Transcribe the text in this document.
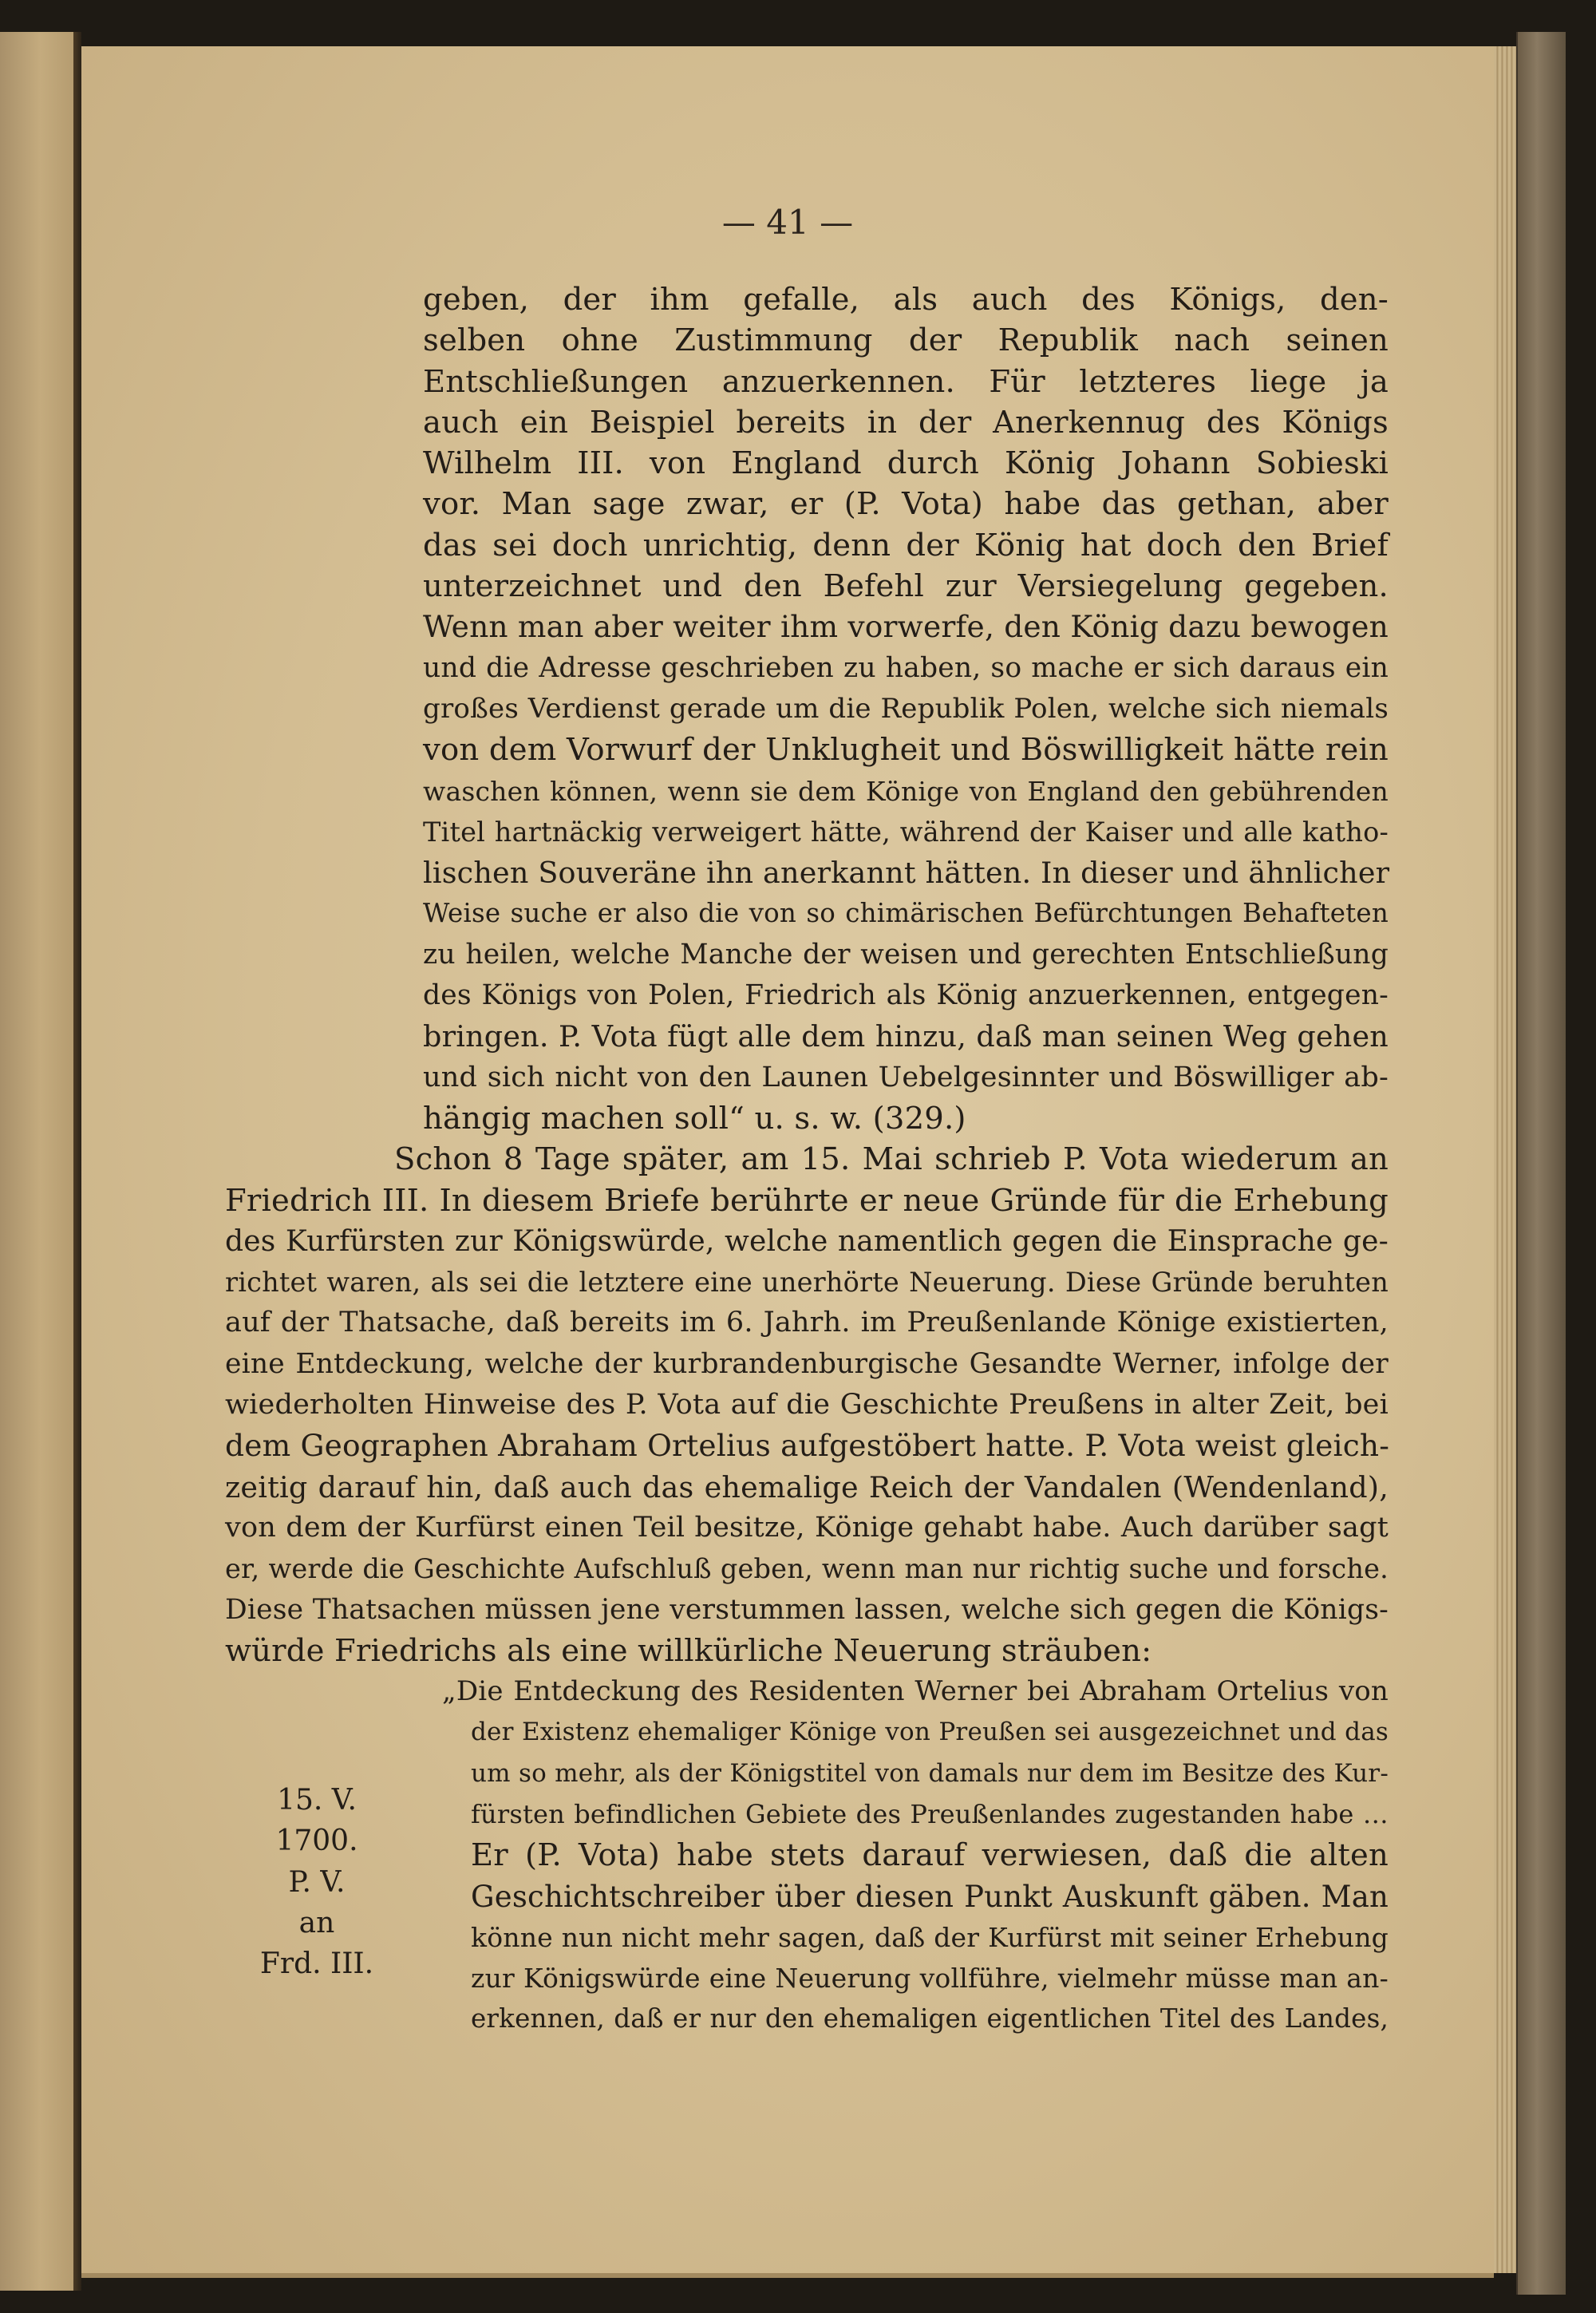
— 41 —
geben, der ihm gefalle, als auch des Königs, den-
selben ohne Zustimmung der Republik nach seinen
Entschließungen anzuerkennen. Für letzteres liege ja
auch ein Beispiel bereits in der Anerkennug des Königs
Wilhelm III. von England durch König Johann Sobieski
vor. Man sage zwar, er (P. Vota) habe das gethan, aber
das sei doch unrichtig, denn der König hat doch den Brief
unterzeichnet und den Befehl zur Versiegelung gegeben.
Wenn man aber weiter ihm vorwerfe, den König dazu bewogen
und die Adresse geschrieben zu haben, so mache er sich daraus ein
großes Verdienst gerade um die Republik Polen, welche sich niemals
von dem Vorwurf der Unklugheit und Böswilligkeit hätte rein
waschen können, wenn sie dem Könige von England den gebührenden
Titel hartnäckig verweigert hätte, während der Kaiser und alle katho-
lischen Souveräne ihn anerkannt hätten. In dieser und ähnlicher
Weise suche er also die von so chimärischen Befürchtungen Behafteten
zu heilen, welche Manche der weisen und gerechten Entschließung
des Königs von Polen, Friedrich als König anzuerkennen, entgegen-
bringen. P. Vota fügt alle dem hinzu, daß man seinen Weg gehen
und sich nicht von den Launen Uebelgesinnter und Böswilliger ab-
hängig machen soll“ u. s. w. (329.)
Schon 8 Tage später, am 15. Mai schrieb P. Vota wiederum an
Friedrich III. In diesem Briefe berührte er neue Gründe für die Erhebung
des Kurfürsten zur Königswürde, welche namentlich gegen die Einsprache ge-
richtet waren, als sei die letztere eine unerhörte Neuerung. Diese Gründe beruhten
auf der Thatsache, daß bereits im 6. Jahrh. im Preußenlande Könige existierten,
eine Entdeckung, welche der kurbrandenburgische Gesandte Werner, infolge der
wiederholten Hinweise des P. Vota auf die Geschichte Preußens in alter Zeit, bei
dem Geographen Abraham Ortelius aufgestöbert hatte. P. Vota weist gleich-
zeitig darauf hin, daß auch das ehemalige Reich der Vandalen (Wendenland),
von dem der Kurfürst einen Teil besitze, Könige gehabt habe. Auch darüber sagt
er, werde die Geschichte Aufschluß geben, wenn man nur richtig suche und forsche.
Diese Thatsachen müssen jene verstummen lassen, welche sich gegen die Königs-
würde Friedrichs als eine willkürliche Neuerung sträuben:
„Die Entdeckung des Residenten Werner bei Abraham Ortelius von
der Existenz ehemaliger Könige von Preußen sei ausgezeichnet und das
um so mehr, als der Königstitel von damals nur dem im Besitze des Kur-
fürsten befindlichen Gebiete des Preußenlandes zugestanden habe …
Er (P. Vota) habe stets darauf verwiesen, daß die alten
Geschichtschreiber über diesen Punkt Auskunft gäben. Man
könne nun nicht mehr sagen, daß der Kurfürst mit seiner Erhebung
zur Königswürde eine Neuerung vollführe, vielmehr müsse man an-
erkennen, daß er nur den ehemaligen eigentlichen Titel des Landes,
15. V.
1700.
P. V.
an
Frd. III.
